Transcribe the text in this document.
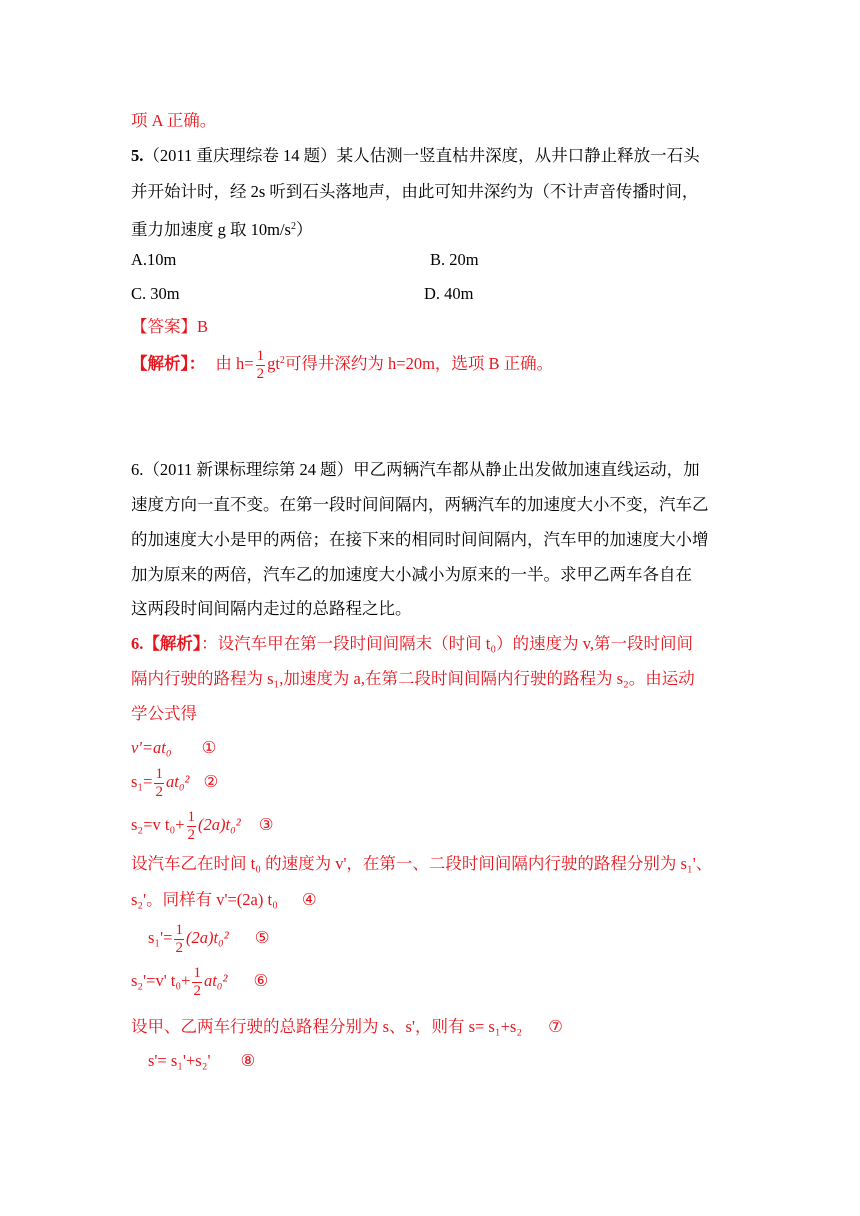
项 A 正确。
5.（2011 重庆理综卷 14 题）某人估测一竖直枯井深度，从井口静止释放一石头
并开始计时，经 2s 听到石头落地声，由此可知井深约为（不计声音传播时间，
重力加速度 g 取 $10m/s^2$）
A.10m	B. 20m
C. 30m	D. 40m
【答案】B
【解析】： 由 $h= \frac{1}{2} gt^2$可得井深约为 h=20m，选项 B 正确。
6.（2011 新课标理综第 24 题）甲乙两辆汽车都从静止出发做加速直线运动，加
速度方向一直不变。在第一段时间间隔内，两辆汽车的加速度大小不变，汽车乙
的加速度大小是甲的两倍；在接下来的相同时间间隔内，汽车甲的加速度大小增
加为原来的两倍，汽车乙的加速度大小减小为原来的一半。求甲乙两车各自在
这两段时间间隔内走过的总路程之比。
6.【解析】：设汽车甲在第一段时间间隔末（时间 t₀）的速度为 v,第一段时间间
隔内行驶的路程为 s₁,加速度为 a,在第二段时间间隔内行驶的路程为 s₂。由运动
学公式得
v'=at₀ ①
$s_1= \frac{1}{2} at_0^2$ ②
s₂=v $t_0+ \frac{1}{2} (2a)t_0^2$ ③
设汽车乙在时间 t₀ 的速度为 v'，在第一、二段时间间隔内行驶的路程分别为 s₁'、
s₂'。同样有 v'=(2a) t₀ ④
$s_1'= \frac{1}{2} (2a)t_0^2$ ⑤
s₂'=v' $t_0+ \frac{1}{2} at_0^2$ ⑥
设甲、乙两车行驶的总路程分别为 s、s'，则有 s= s₁+s₂ ⑦
s'= s₁'+s₂' ⑧
